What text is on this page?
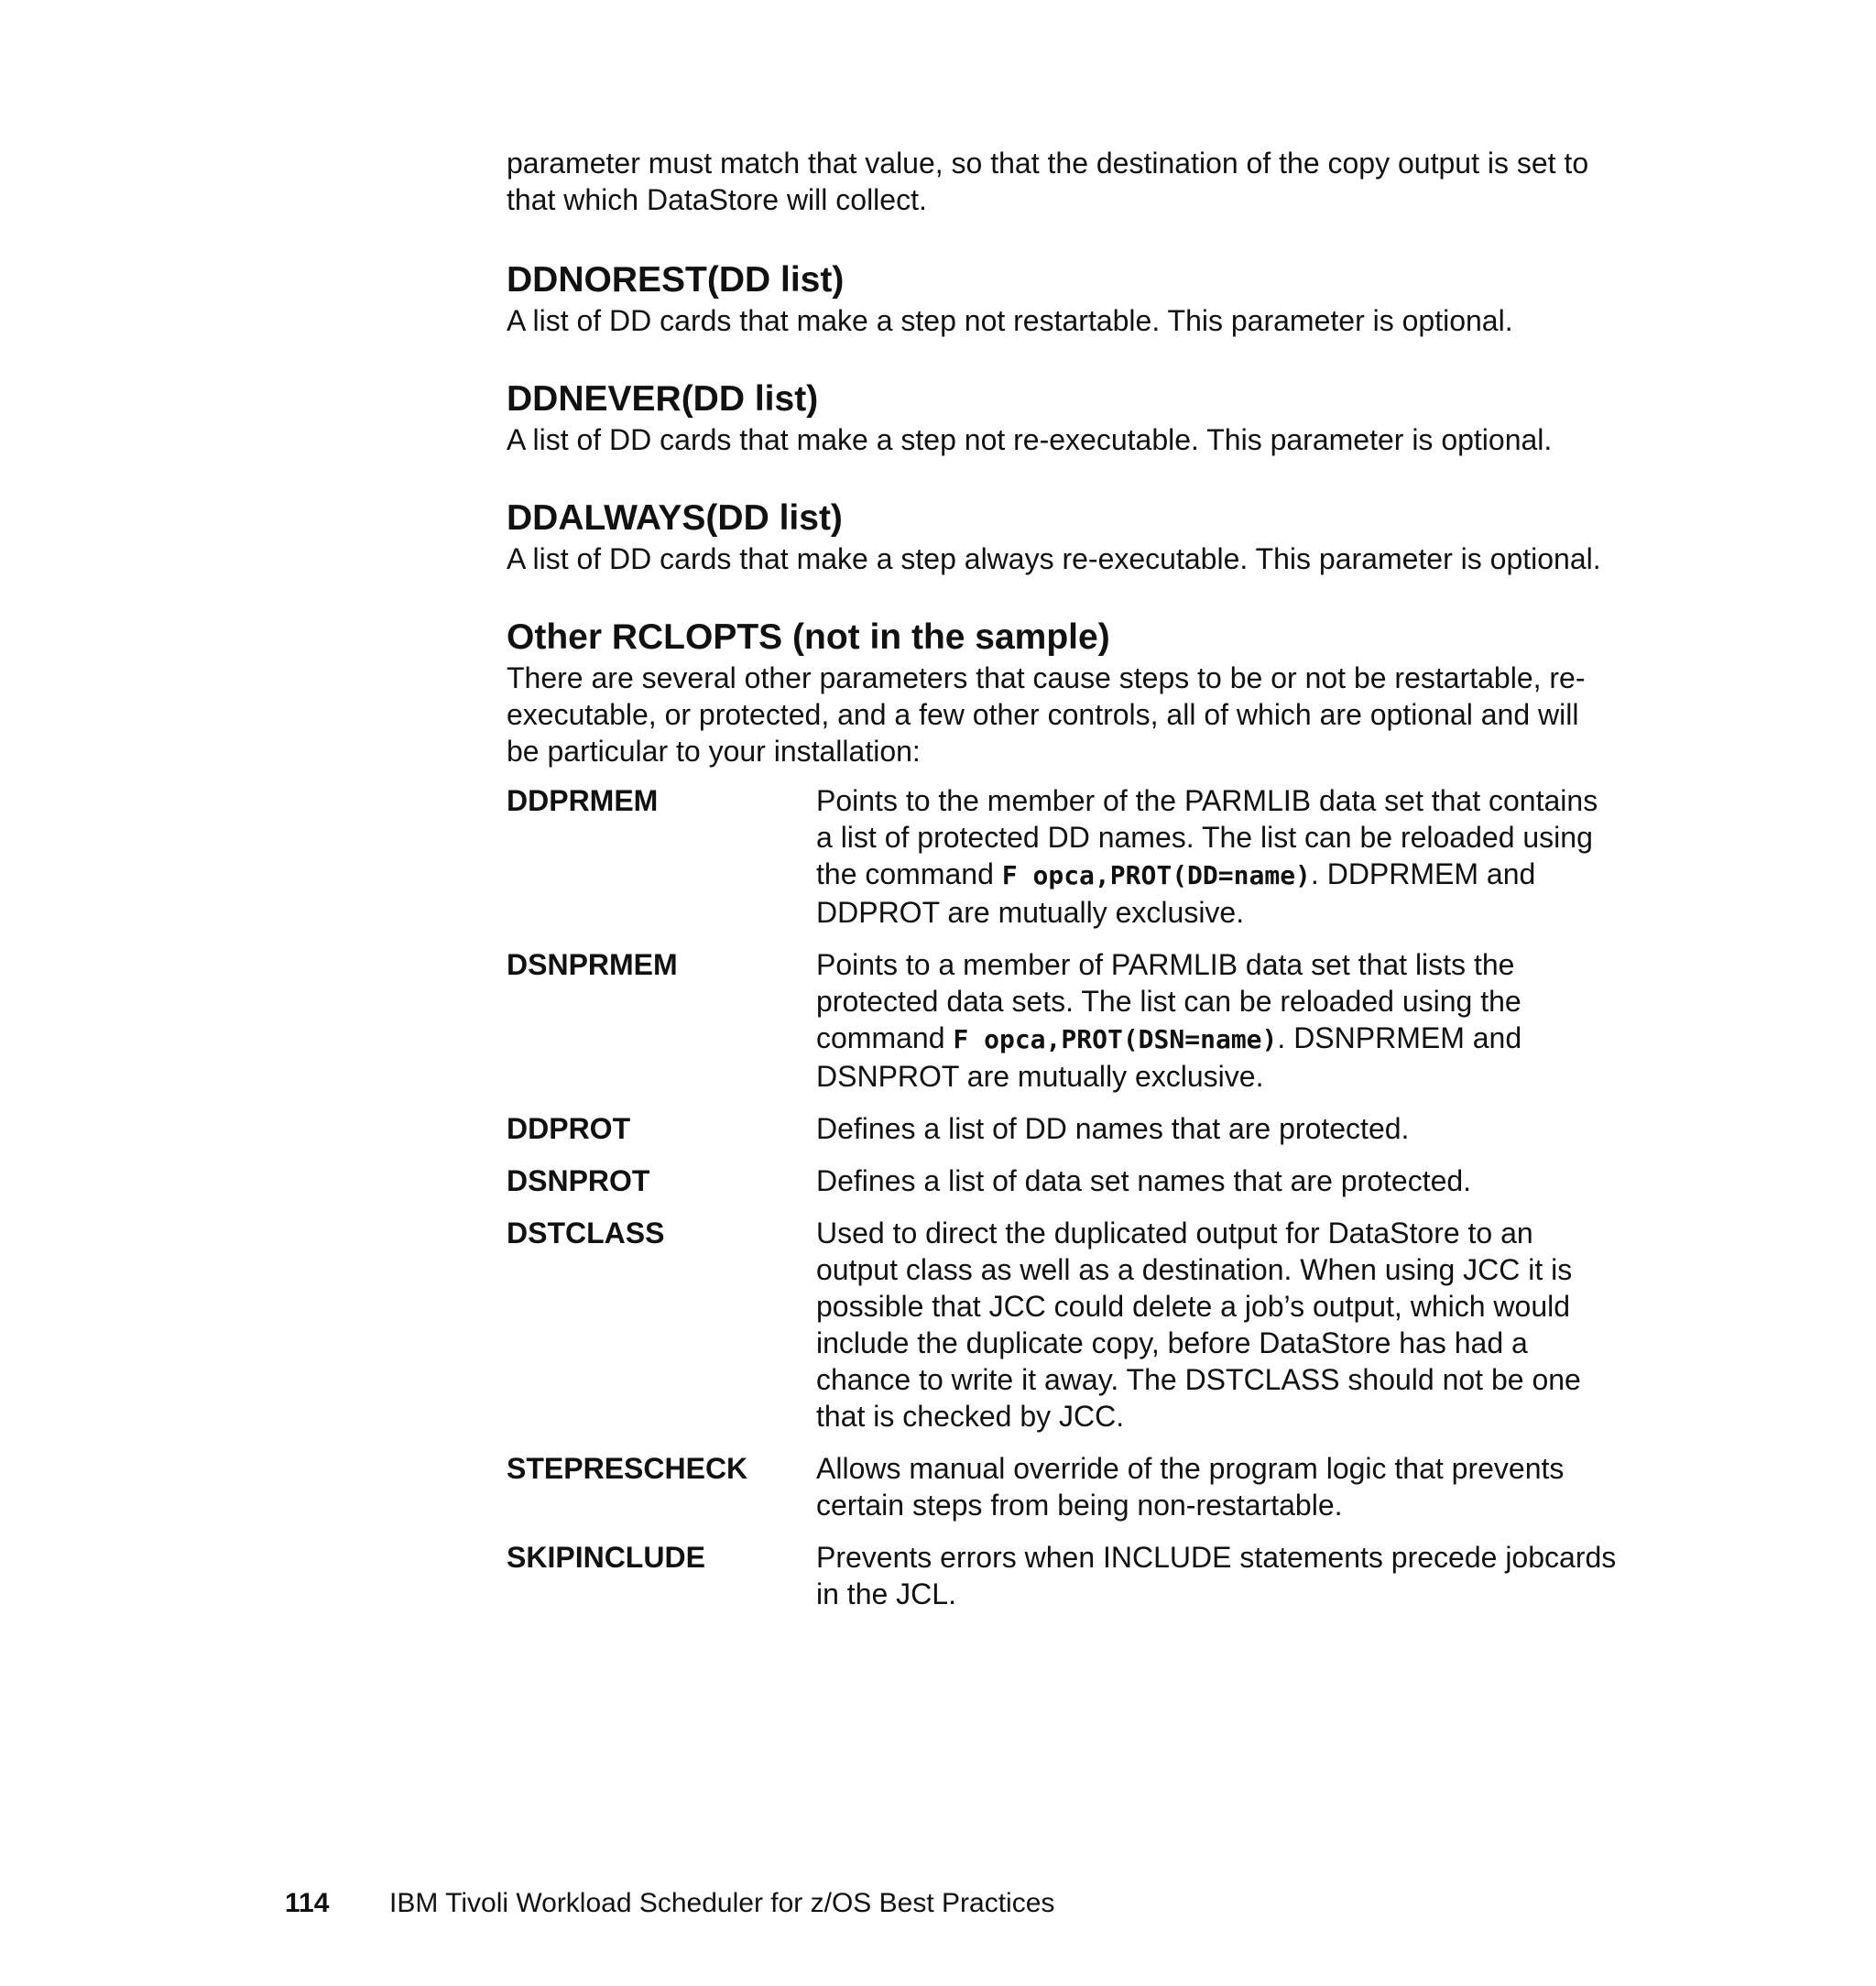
parameter must match that value, so that the destination of the copy output is set to that which DataStore will collect.

DDNOREST(DD list)

A list of DD cards that make a step not restartable. This parameter is optional.

DDNEVER(DD list)

A list of DD cards that make a step not re-executable. This parameter is optional.

DDALWAYS(DD list)

A list of DD cards that make a step always re-executable. This parameter is optional.

Other RCLOPTS (not in the sample)

There are several other parameters that cause steps to be or not be restartable, re-executable, or protected, and a few other controls, all of which are optional and will be particular to your installation:

DDPRMEM	Points to the member of the PARMLIB data set that contains a list of protected DD names. The list can be reloaded using the command F opca,PROT(DD=name). DDPRMEM and DDPROT are mutually exclusive.
DSNPRMEM	Points to a member of PARMLIB data set that lists the protected data sets. The list can be reloaded using the command F opca,PROT(DSN=name). DSNPRMEM and DSNPROT are mutually exclusive.
DDPROT	Defines a list of DD names that are protected.
DSNPROT	Defines a list of data set names that are protected.
DSTCLASS	Used to direct the duplicated output for DataStore to an output class as well as a destination. When using JCC it is possible that JCC could delete a job’s output, which would include the duplicate copy, before DataStore has had a chance to write it away. The DSTCLASS should not be one that is checked by JCC.
STEPRESCHECK	Allows manual override of the program logic that prevents certain steps from being non-restartable.
SKIPINCLUDE	Prevents errors when INCLUDE statements precede jobcards in the JCL.
114 IBM Tivoli Workload Scheduler for z/OS Best Practices
